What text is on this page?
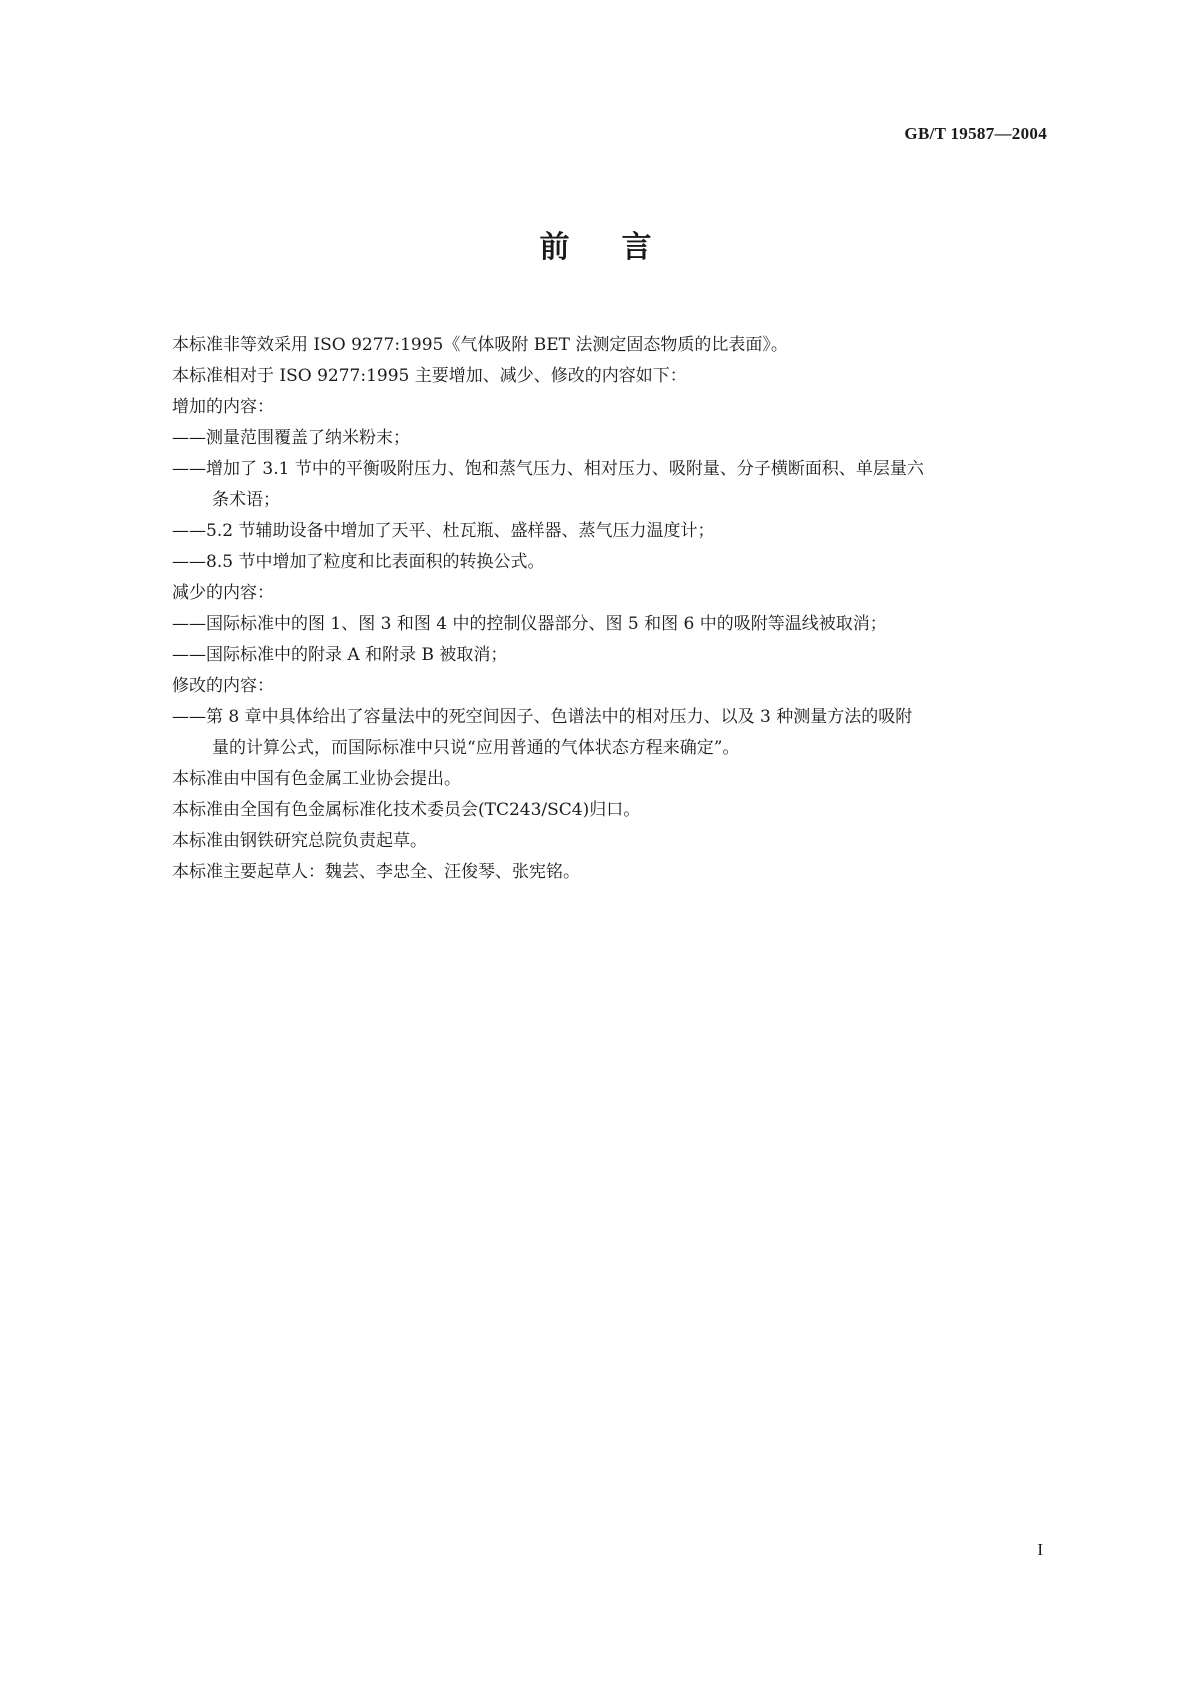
GB/T 19587—2004
前言
本标准非等效采用 ISO 9277:1995《气体吸附 BET 法测定固态物质的比表面》。
本标准相对于 ISO 9277:1995 主要增加、减少、修改的内容如下：
增加的内容：
——测量范围覆盖了纳米粉末；
——增加了 3.1 节中的平衡吸附压力、饱和蒸气压力、相对压力、吸附量、分子横断面积、单层量六
条术语；
——5.2 节辅助设备中增加了天平、杜瓦瓶、盛样器、蒸气压力温度计；
——8.5 节中增加了粒度和比表面积的转换公式。
减少的内容：
——国际标准中的图 1、图 3 和图 4 中的控制仪器部分、图 5 和图 6 中的吸附等温线被取消；
——国际标准中的附录 A 和附录 B 被取消；
修改的内容：
——第 8 章中具体给出了容量法中的死空间因子、色谱法中的相对压力、以及 3 种测量方法的吸附
量的计算公式，而国际标准中只说“应用普通的气体状态方程来确定”。
本标准由中国有色金属工业协会提出。
本标准由全国有色金属标准化技术委员会(TC243/SC4)归口。
本标准由钢铁研究总院负责起草。
本标准主要起草人：魏芸、李忠全、汪俊琴、张宪铭。
I
